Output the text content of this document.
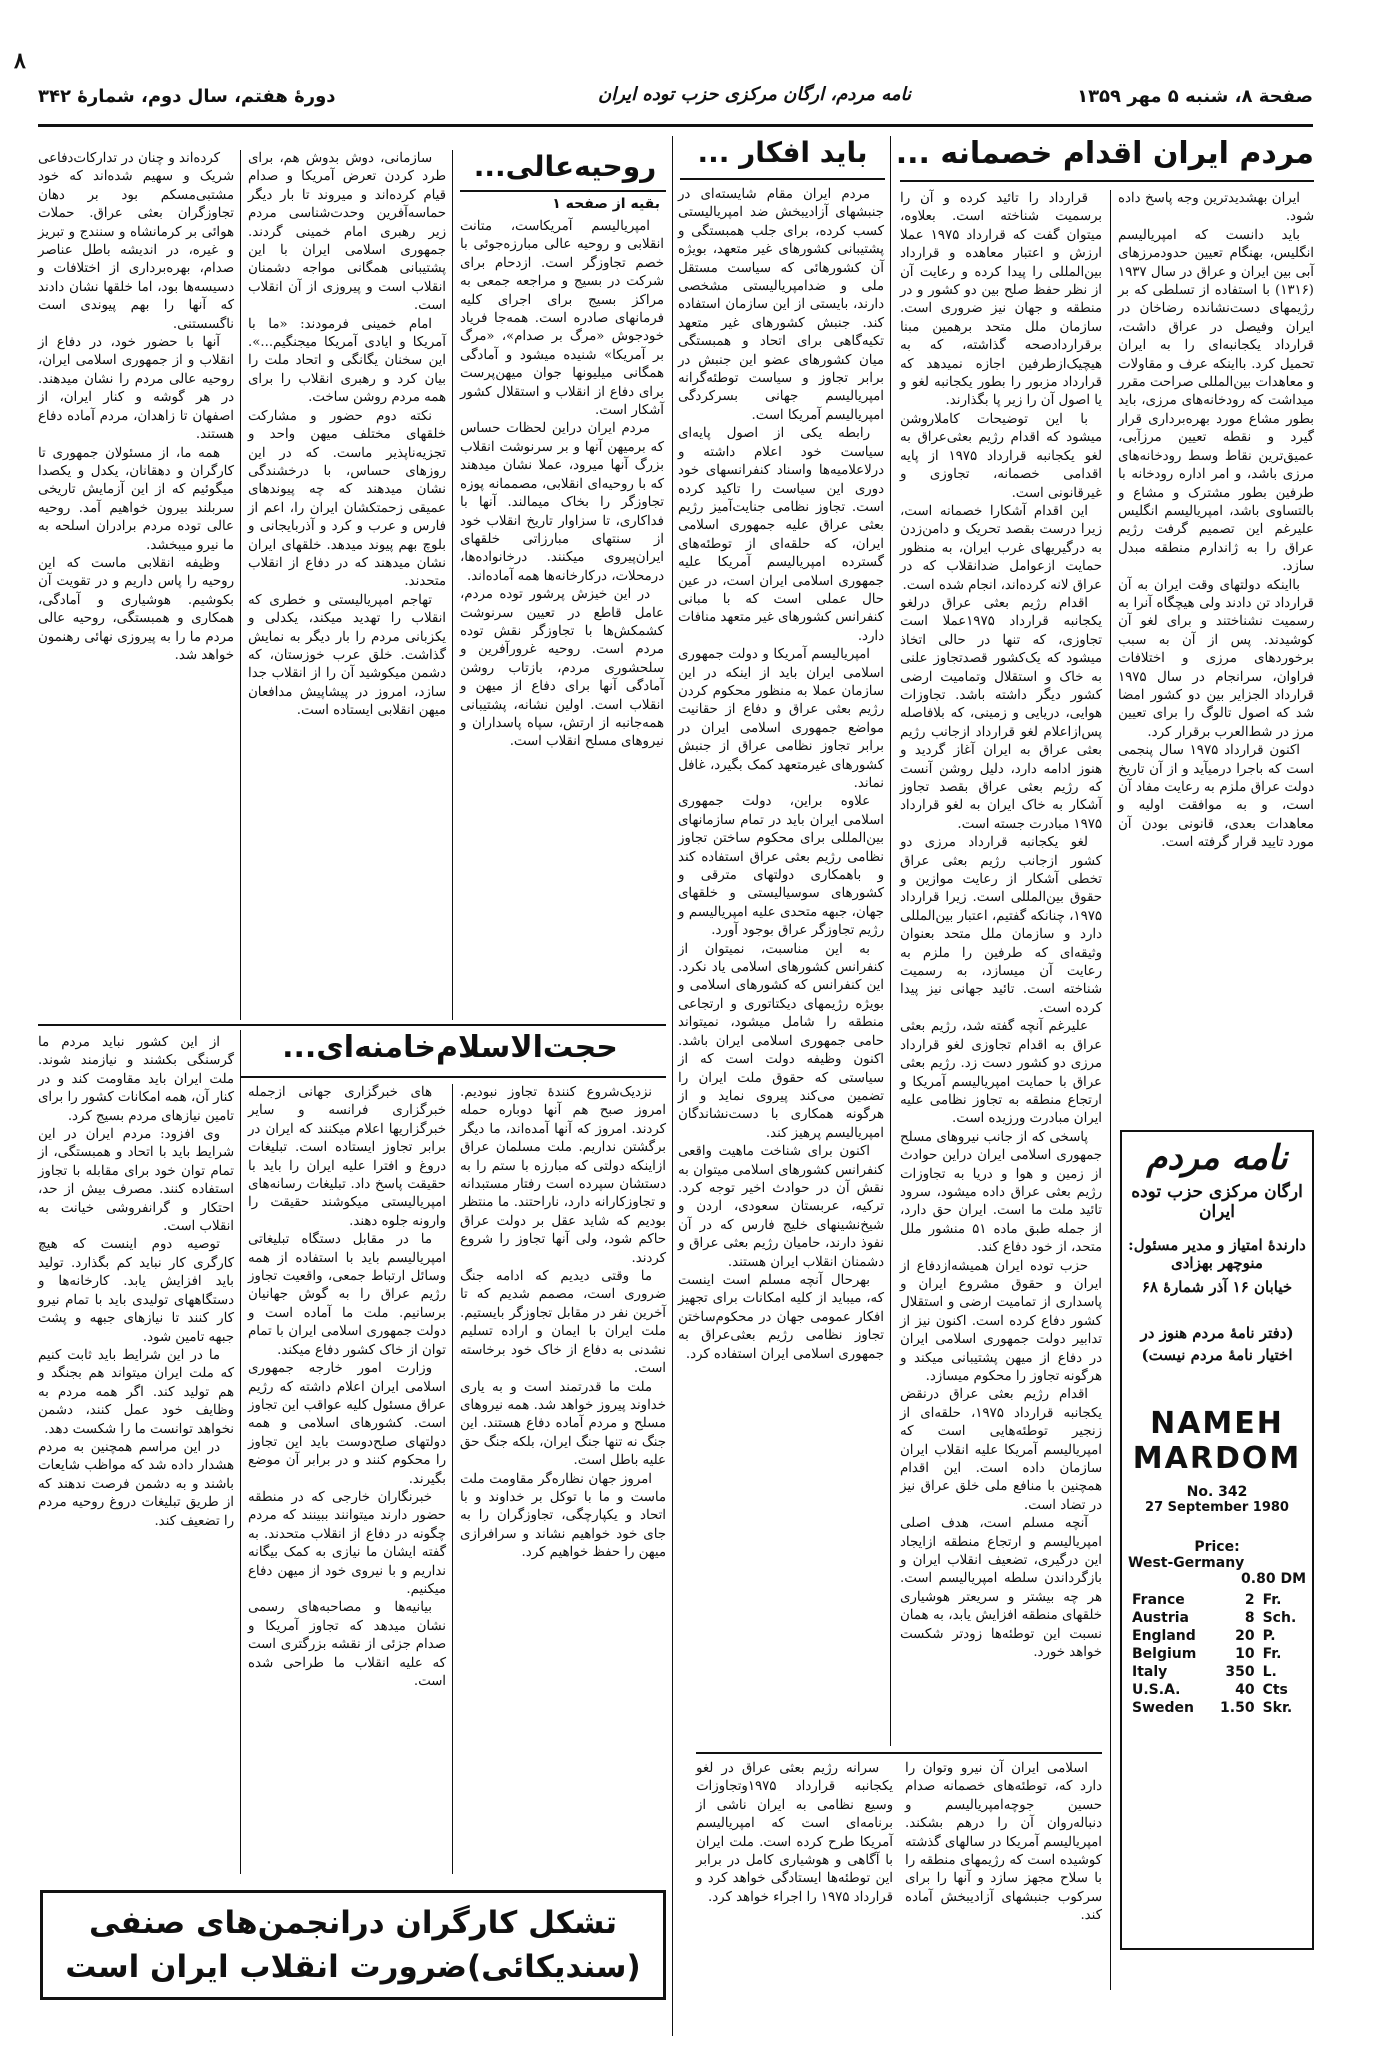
۸
صفحة ۸، شنبه ۵ مهر ۱۳۵۹
نامه مردم، ارگان مرکزی حزب توده ایران
دورهٔ هفتم، سال دوم، شمارهٔ ۳۴۲
مردم ایران اقدام خصمانه ...

ایران بهشدیدترین وجه پاسخ داده شود.

باید دانست که امپریالیسم انگلیس، بهنگام تعیین حدودمرزهای آبی بین ایران و عراق در سال ۱۹۳۷ (۱۳۱۶) با استفاده از تسلطی که بر رژیمهای دست‌نشانده رضاخان در ایران وفیصل در عراق داشت، قرارداد یکجانبه‌ای را به ایران تحمیل کرد. بااینکه عرف و مقاولات و معاهدات بین‌المللی صراحت مقرر میداشت که رودخانه‌های مرزی، باید بطور مشاع مورد بهره‌برداری قرار گیرد و نقطه تعیین مرزآبی، عمیق‌ترین نقاط وسط رودخانه‌های مرزی باشد، و امر اداره رودخانه با طرفین بطور مشترک و مشاع و بالتساوی باشد، امپریالیسم انگلیس علیرغم این تصمیم گرفت رژیم عراق را به ژاندارم منطقه مبدل سازد.

بااینکه دولتهای وقت ایران به آن قرارداد تن دادند ولی هیچگاه آنرا به رسمیت نشناختند و برای لغو آن کوشیدند. پس از آن به سبب برخوردهای مرزی و اختلافات فراوان، سرانجام در سال ۱۹۷۵ قرارداد الجزایر بین دو کشور امضا شد که اصول تالوگ را برای تعیین مرز در شط‌العرب برقرار کرد.

اکنون قرارداد ۱۹۷۵ سال پنجمی است که باجرا درمیآید و از آن تاریخ دولت عراق ملزم به رعایت مفاد آن است، و به موافقت اولیه و معاهدات بعدی، قانونی بودن آن مورد تایید قرار گرفته است.

قرارداد را تائید کرده و آن را برسمیت شناخته است. بعلاوه، میتوان گفت که قرارداد ۱۹۷۵ عملا ارزش و اعتبار معاهده و قرارداد بین‌المللی را پیدا کرده و رعایت آن از نظر حفظ صلح بین دو کشور و در منطقه و جهان نیز ضروری است. سازمان ملل متحد برهمین مبنا برقراردادصحه گذاشته، که به هیچیک‌ازطرفین اجازه نمیدهد که قرارداد مزبور را بطور یکجانبه لغو و یا اصول آن را زیر پا بگذارند.

با این توضیحات کاملاروشن میشود که اقدام رژیم بعثی‌عراق به لغو یکجانبه قرارداد ۱۹۷۵ از پایه اقدامی خصمانه، تجاوزی و غیرقانونی است.

این اقدام آشکارا خصمانه است، زیرا درست بقصد تحریک و دامن‌زدن به درگیریهای غرب ایران، به منظور حمایت ازعوامل ضدانقلاب که در عراق لانه کرده‌اند، انجام شده است.

اقدام رژیم بعثی عراق درلغو یکجانبه قرارداد ۱۹۷۵عملا است تجاوزی، که تنها در حالی اتخاذ میشود که یک‌کشور قصدتجاوز علنی به خاک و استقلال وتمامیت ارضی کشور دیگر داشته باشد. تجاوزات هوایی، دریایی و زمینی، که بلافاصله پس‌ازاعلام لغو قرارداد ازجانب رژیم بعثی عراق به ایران آغاز گردید و هنوز ادامه دارد، دلیل روشن آنست که رژیم بعثی عراق بقصد تجاوز آشکار به خاک ایران به لغو قرارداد ۱۹۷۵ مبادرت جسته است.

لغو یکجانبه قرارداد مرزی دو کشور ازجانب رژیم بعثی عراق تخطی آشکار از رعایت موازین و حقوق بین‌المللی است. زیرا قرارداد ۱۹۷۵، چنانکه گفتیم، اعتبار بین‌المللی دارد و سازمان ملل متحد بعنوان وثیقه‌ای که طرفین را ملزم به رعایت آن میسازد، به رسمیت شناخته است. تائید جهانی نیز پیدا کرده است.

علیرغم آنچه گفته شد، رژیم بعثی عراق به اقدام تجاوزی لغو قرارداد مرزی دو کشور دست زد. رژیم بعثی عراق با حمایت امپریالیسم آمریکا و ارتجاع منطقه به تجاوز نظامی علیه ایران مبادرت ورزیده است.

پاسخی که از جانب نیروهای مسلح جمهوری اسلامی ایران دراین حوادث از زمین و هوا و دریا به تجاوزات رژیم بعثی عراق داده میشود، سرود تائید ملت ما است. ایران حق دارد، از جمله طبق ماده ۵۱ منشور ملل متحد، از خود دفاع کند.

حزب توده ایران همیشه‌ازدفاع از ایران و حقوق مشروع ایران و پاسداری از تمامیت ارضی و استقلال کشور دفاع کرده است. اکنون نیز از تدابیر دولت جمهوری اسلامی ایران در دفاع از میهن پشتیبانی میکند و هرگونه تجاوز را محکوم میسازد.

اقدام رژیم بعثی عراق درنقض یکجانبه قرارداد ۱۹۷۵، حلقه‌ای از زنجیر توطئه‌هایی است که امپریالیسم آمریکا علیه انقلاب ایران سازمان داده است. این اقدام همچنین با منافع ملی خلق عراق نیز در تضاد است.

آنچه مسلم است، هدف اصلی امپریالیسم و ارتجاع منطقه ازایجاد این درگیری، تضعیف انقلاب ایران و بازگرداندن سلطه امپریالیسم است. هر چه بیشتر و سریعتر هوشیاری خلقهای منطقه افزایش یابد، به همان نسبت این توطئه‌ها زودتر شکست خواهد خورد.

اسلامی ایران آن نیرو وتوان را دارد که، توطئه‌های خصمانه صدام حسین جوچه‌امپریالیسم و دنباله‌روان آن را درهم بشکند. امپریالیسم آمریکا در سالهای گذشته کوشیده است که رژیمهای منطقه را با سلاح مجهز سازد و آنها را برای سرکوب جنبشهای آزادیبخش آماده کند.

سرانه رژیم بعثی عراق در لغو یکجانبه قرارداد ۱۹۷۵وتجاوزات وسیع نظامی به ایران ناشی از برنامه‌ای است که امپریالیسم آمریکا طرح کرده است. ملت ایران با آگاهی و هوشیاری کامل در برابر این توطئه‌ها ایستادگی خواهد کرد و قرارداد ۱۹۷۵ را اجراء خواهد کرد.

نامه مردم
ارگان مرکزی حزب توده ایران
دارندهٔ امتیاز و مدیر مسئول:
منوچهر بهزادی
خیابان ۱۶ آذر شمارهٔ ۶۸
(دفتر نامهٔ مردم هنوز در اختیار نامهٔ مردم نیست)
NAMEH
MARDOM
No. 342
27 September 1980
Price:
West-Germany
0.80 DM
France	2	Fr.
Austria	8	Sch.
England	20	P.
Belgium	10	Fr.
Italy	350	L.
U.S.A.	40	Cts
Sweden	1.50	Skr.
باید افکار ...

مردم ایران مقام شایسته‌ای در جنبشهای آزادیبخش ضد امپریالیستی کسب کرده، برای جلب همبستگی و پشتیبانی کشورهای غیر متعهد، بویژه آن کشورهائی که سیاست مستقل ملی و ضدامپریالیستی مشخصی دارند، بایستی از این سازمان استفاده کند. جنبش کشورهای غیر متعهد تکیه‌گاهی برای اتحاد و همبستگی میان کشورهای عضو این جنبش در برابر تجاوز و سیاست توطئه‌گرانه امپریالیسم جهانی بسرکردگی امپریالیسم آمریکا است.

رابطه یکی از اصول پایه‌ای سیاست خود اعلام داشته و درلاعلامیه‌ها واسناد کنفرانسهای خود دوری این سیاست را تاکید کرده است. تجاوز نظامی جنایت‌آمیز رژیم بعثی عراق علیه جمهوری اسلامی ایران، که حلقه‌ای از توطئه‌های گسترده امپریالیسم آمریکا علیه جمهوری اسلامی ایران است، در عین حال عملی است که با مبانی کنفرانس کشورهای غیر متعهد منافات دارد.

امپریالیسم آمریکا و دولت جمهوری اسلامی ایران باید از اینکه در این سازمان عملا به منظور محکوم کردن رژیم بعثی عراق و دفاع از حقانیت مواضع جمهوری اسلامی ایران در برابر تجاوز نظامی عراق از جنبش کشورهای غیرمتعهد کمک بگیرد، غافل نماند.

علاوه براین، دولت جمهوری اسلامی ایران باید در تمام سازمانهای بین‌المللی برای محکوم ساختن تجاوز نظامی رژیم بعثی عراق استفاده کند و باهمکاری دولتهای مترقی و کشورهای سوسیالیستی و خلقهای جهان، جبهه متحدی علیه امپریالیسم و رژیم تجاوزگر عراق بوجود آورد.

به این مناسبت، نمیتوان از کنفرانس کشورهای اسلامی یاد نکرد. این کنفرانس که کشورهای اسلامی و بویژه رژیمهای دیکتاتوری و ارتجاعی منطقه را شامل میشود، نمیتواند حامی جمهوری اسلامی ایران باشد. اکنون وظیفه دولت است که از سیاستی که حقوق ملت ایران را تضمین می‌کند پیروی نماید و از هرگونه همکاری با دست‌نشاندگان امپریالیسم پرهیز کند.

اکنون برای شناخت ماهیت واقعی کنفرانس کشورهای اسلامی میتوان به نقش آن در حوادث اخیر توجه کرد. ترکیه، عربستان سعودی، اردن و شیخ‌نشینهای خلیج فارس که در آن نفوذ دارند، حامیان رژیم بعثی عراق و دشمنان انقلاب ایران هستند.

بهرحال آنچه مسلم است اینست که، میباید از کلیه امکانات برای تجهیز افکار عمومی جهان در محکوم‌ساختن تجاوز نظامی رژیم بعثی‌عراق به جمهوری اسلامی ایران استفاده کرد.

روحیه‌عالی...
بقیه از صفحه ۱

امپریالیسم آمریکاست، متانت انقلابی و روحیه عالی مبارزه‌جوئی با خصم تجاوزگر است. ازدحام برای شرکت در بسیج و مراجعه جمعی به مراکز بسیج برای اجرای کلیه فرمانهای صادره است. همه‌جا فریاد خودجوش «مرگ بر صدام»، «مرگ بر آمریکا» شنیده میشود و آمادگی همگانی میلیونها جوان میهن‌پرست برای دفاع از انقلاب و استقلال کشور آشکار است.

مردم ایران دراین لحظات حساس که برمیهن آنها و بر سرنوشت انقلاب بزرگ آنها میرود، عملا نشان میدهند که با روحیه‌ای انقلابی، مصممانه پوزه تجاوزگر را بخاک میمالند. آنها با فداکاری، تا سزاوار تاریخ انقلاب خود از سنتهای مبارزاتی خلقهای ایران‌پیروی میکنند. درخانواده‌ها، درمحلات، درکارخانه‌ها همه آماده‌اند.

در این خیزش پرشور توده مردم، عامل قاطع در تعیین سرنوشت کشمکش‌ها با تجاوزگر نقش توده مردم است. روحیه غرورآفرین و سلحشوری مردم، بازتاب روشن آمادگی آنها برای دفاع از میهن و انقلاب است. اولین نشانه، پشتیبانی همه‌جانبه از ارتش، سپاه پاسداران و نیروهای مسلح انقلاب است.

سازمانی، دوش بدوش هم، برای طرد کردن تعرض آمریکا و صدام قیام کرده‌اند و میروند تا بار دیگر حماسه‌آفرین وحدت‌شناسی مردم زیر رهبری امام خمینی گردند. جمهوری اسلامی ایران با این پشتیبانی همگانی مواجه دشمنان انقلاب است و پیروزی از آن انقلاب است.

امام خمینی فرمودند: «ما با آمریکا و ایادی آمریکا میجنگیم...». این سخنان یگانگی و اتحاد ملت را بیان کرد و رهبری انقلاب را برای همه مردم روشن ساخت.

نکته دوم حضور و مشارکت خلقهای مختلف میهن واحد و تجزیه‌ناپذیر ماست. که در این روزهای حساس، با درخشندگی نشان میدهند که چه پیوندهای عمیقی زحمتکشان ایران را، اعم از فارس و عرب و کرد و آذربایجانی و بلوچ بهم پیوند میدهد. خلقهای ایران نشان میدهند که در دفاع از انقلاب متحدند.

تهاجم امپریالیستی و خطری که انقلاب را تهدید میکند، یکدلی و یکزبانی مردم را بار دیگر به نمایش گذاشت. خلق عرب خوزستان، که دشمن میکوشید آن را از انقلاب جدا سازد، امروز در پیشاپیش مدافعان میهن انقلابی ایستاده است.

کرده‌اند و چنان در تدارکات‌دفاعی شریک و سهیم شده‌اند که خود مشتبی‌مسکم بود بر دهان تجاوزگران بعثی عراق. حملات هوائی بر کرمانشاه و سنندج و تبریز و غیره، در اندیشه باطل عناصر صدام، بهره‌برداری از اختلافات و دسیسه‌ها بود، اما خلقها نشان دادند که آنها را بهم پیوندی است ناگسستنی.

آنها با حضور خود، در دفاع از انقلاب و از جمهوری اسلامی ایران، روحیه عالی مردم را نشان میدهند. در هر گوشه و کنار ایران، از اصفهان تا زاهدان، مردم آماده دفاع هستند.

همه ما، از مسئولان جمهوری تا کارگران و دهقانان، یکدل و یکصدا میگوئیم که از این آزمایش تاریخی سربلند بیرون خواهیم آمد. روحیه عالی توده مردم برادران اسلحه به ما نیرو میبخشد.

وظیفه انقلابی ماست که این روحیه را پاس داریم و در تقویت آن بکوشیم. هوشیاری و آمادگی، همکاری و همبستگی، روحیه عالی مردم ما را به پیروزی نهائی رهنمون خواهد شد.

حجت‌الاسلام‌خامنه‌ای...

نزدیک‌شروع کنندهٔ تجاوز نبودیم. امروز صبح هم آنها دوباره حمله کردند. امروز که آنها آمده‌اند، ما دیگر برگشتن نداریم. ملت مسلمان عراق ازاینکه دولتی که مبارزه با ستم را به دستشان سپرده است رفتار مستبدانه و تجاوزکارانه دارد، ناراحتند. ما منتظر بودیم که شاید عقل بر دولت عراق حاکم شود، ولی آنها تجاوز را شروع کردند.

ما وقتی دیدیم که ادامه جنگ ضروری است، مصمم شدیم که تا آخرین نفر در مقابل تجاوزگر بایستیم. ملت ایران با ایمان و اراده تسلیم نشدنی به دفاع از خاک خود برخاسته است.

ملت ما قدرتمند است و به یاری خداوند پیروز خواهد شد. همه نیروهای مسلح و مردم آماده دفاع هستند. این جنگ نه تنها جنگ ایران، بلکه جنگ حق علیه باطل است.

امروز جهان نظاره‌گر مقاومت ملت ماست و ما با توکل بر خداوند و با اتحاد و یکپارچگی، تجاوزگران را به جای خود خواهیم نشاند و سرافرازی میهن را حفظ خواهیم کرد.

های خبرگزاری جهانی ازجمله خبرگزاری فرانسه و سایر خبرگزاریها اعلام میکنند که ایران در برابر تجاوز ایستاده است. تبلیغات دروغ و افترا علیه ایران را باید با حقیقت پاسخ داد. تبلیغات رسانه‌های امپریالیستی میکوشند حقیقت را وارونه جلوه دهند.

ما در مقابل دستگاه تبلیغاتی امپریالیسم باید با استفاده از همه وسائل ارتباط جمعی، واقعیت تجاوز رژیم عراق را به گوش جهانیان برسانیم. ملت ما آماده است و دولت جمهوری اسلامی ایران با تمام توان از خاک کشور دفاع میکند.

وزارت امور خارجه جمهوری اسلامی ایران اعلام داشته که رژیم عراق مسئول کلیه عواقب این تجاوز است. کشورهای اسلامی و همه دولتهای صلح‌دوست باید این تجاوز را محکوم کنند و در برابر آن موضع بگیرند.

خبرنگاران خارجی که در منطقه حضور دارند میتوانند ببینند که مردم چگونه در دفاع از انقلاب متحدند. به گفته ایشان ما نیازی به کمک بیگانه نداریم و با نیروی خود از میهن دفاع میکنیم.

بیانیه‌ها و مصاحبه‌های رسمی نشان میدهد که تجاوز آمریکا و صدام جزئی از نقشه بزرگتری است که علیه انقلاب ما طراحی شده است.

از این کشور نباید مردم ما گرسنگی بکشند و نیازمند شوند. ملت ایران باید مقاومت کند و در کنار آن، همه امکانات کشور را برای تامین نیازهای مردم بسیج کرد.

وی افزود: مردم ایران در این شرایط باید با اتحاد و همبستگی، از تمام توان خود برای مقابله با تجاوز استفاده کنند. مصرف بیش از حد، احتکار و گرانفروشی خیانت به انقلاب است.

توصیه دوم اینست که هیچ کارگری کار نباید کم بگذارد. تولید باید افزایش یابد. کارخانه‌ها و دستگاههای تولیدی باید با تمام نیرو کار کنند تا نیازهای جبهه و پشت جبهه تامین شود.

ما در این شرایط باید ثابت کنیم که ملت ایران میتواند هم بجنگد و هم تولید کند. اگر همه مردم به وظایف خود عمل کنند، دشمن نخواهد توانست ما را شکست دهد.

در این مراسم همچنین به مردم هشدار داده شد که مواظب شایعات باشند و به دشمن فرصت ندهند که از طریق تبلیغات دروغ روحیه مردم را تضعیف کند.

تشکل کارگران درانجمن‌های صنفی
(سندیکائی)ضرورت انقلاب ایران است
